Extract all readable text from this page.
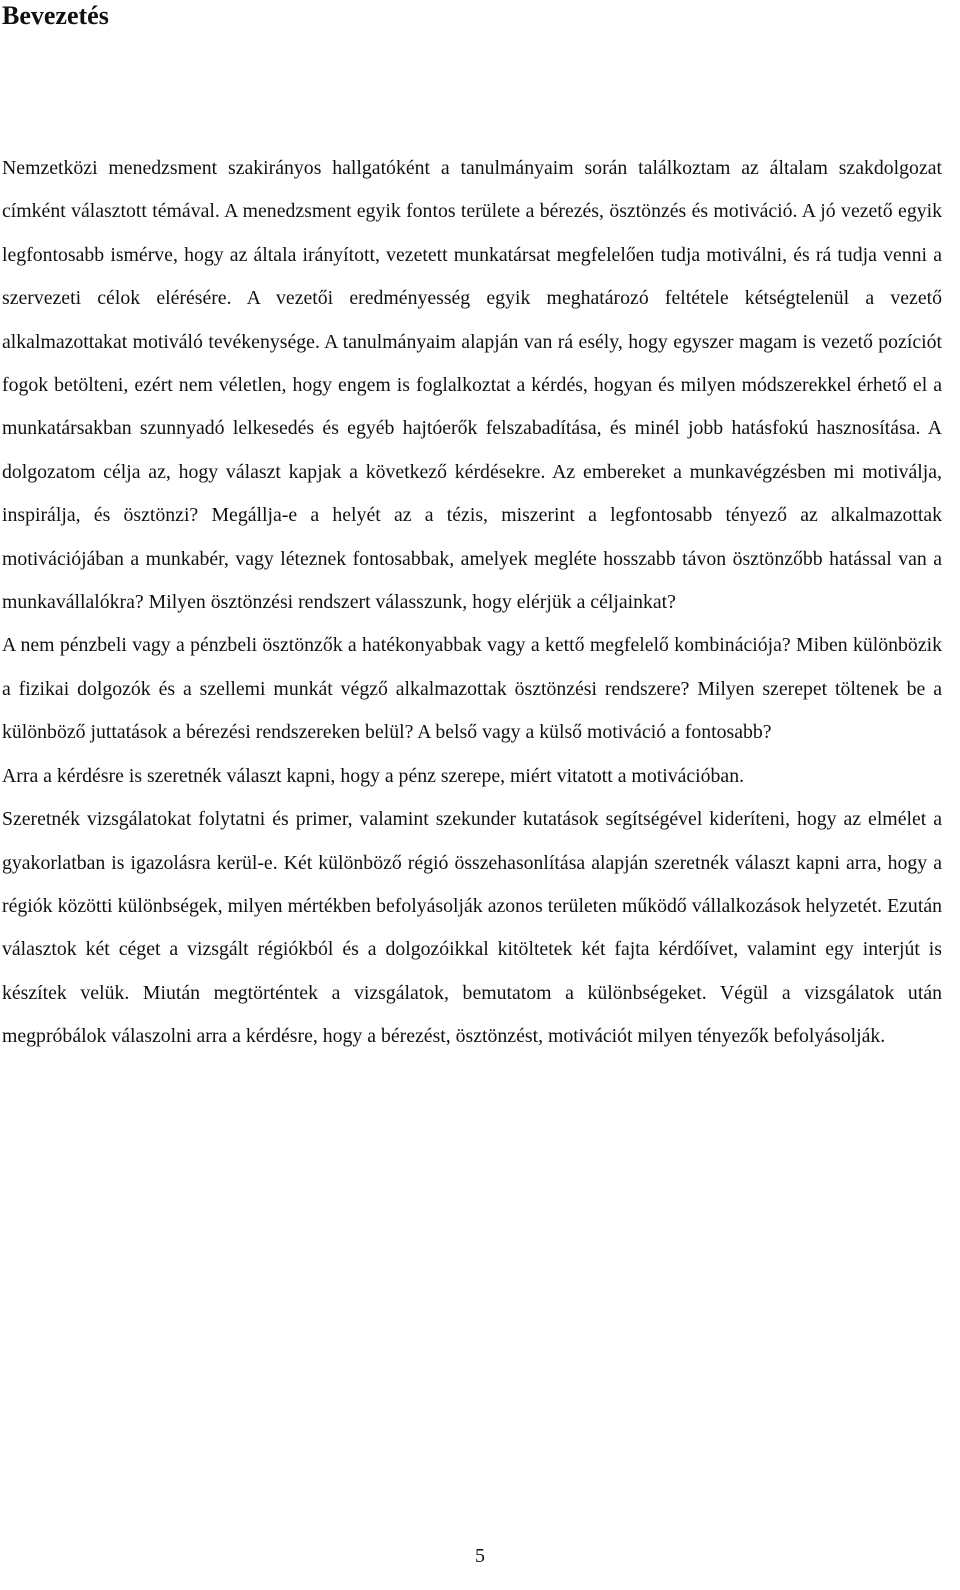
Bevezetés

Nemzetközi menedzsment szakirányos hallgatóként a tanulmányaim során találkoztam az általam szakdolgozat címként választott témával. A menedzsment egyik fontos területe a bérezés, ösztönzés és motiváció. A jó vezető egyik legfontosabb ismérve, hogy az általa irányított, vezetett munkatársat megfelelően tudja motiválni, és rá tudja venni a szervezeti célok elérésére. A vezetői eredményesség egyik meghatározó feltétele kétségtelenül a vezető alkalmazottakat motiváló tevékenysége. A tanulmányaim alapján van rá esély, hogy egyszer magam is vezető pozíciót fogok betölteni, ezért nem véletlen, hogy engem is foglalkoztat a kérdés, hogyan és milyen módszerekkel érhető el a munkatársakban szunnyadó lelkesedés és egyéb hajtóerők felszabadítása, és minél jobb hatásfokú hasznosítása. A dolgozatom célja az, hogy választ kapjak a következő kérdésekre. Az embereket a munkavégzésben mi motiválja, inspirálja, és ösztönzi? Megállja-e a helyét az a tézis, miszerint a legfontosabb tényező az alkalmazottak motivációjában a munkabér, vagy léteznek fontosabbak, amelyek megléte hosszabb távon ösztönzőbb hatással van a munkavállalókra? Milyen ösztönzési rendszert válasszunk, hogy elérjük a céljainkat?

A nem pénzbeli vagy a pénzbeli ösztönzők a hatékonyabbak vagy a kettő megfelelő kombinációja? Miben különbözik a fizikai dolgozók és a szellemi munkát végző alkalmazottak ösztönzési rendszere? Milyen szerepet töltenek be a különböző juttatások a bérezési rendszereken belül? A belső vagy a külső motiváció a fontosabb?

Arra a kérdésre is szeretnék választ kapni, hogy a pénz szerepe, miért vitatott a motivációban.

Szeretnék vizsgálatokat folytatni és primer, valamint szekunder kutatások segítségével kideríteni, hogy az elmélet a gyakorlatban is igazolásra kerül-e. Két különböző régió összehasonlítása alapján szeretnék választ kapni arra, hogy a régiók közötti különbségek, milyen mértékben befolyásolják azonos területen működő vállalkozások helyzetét. Ezután választok két céget a vizsgált régiókból és a dolgozóikkal kitöltetek két fajta kérdőívet, valamint egy interjút is készítek velük. Miután megtörténtek a vizsgálatok, bemutatom a különbségeket. Végül a vizsgálatok után megpróbálok válaszolni arra a kérdésre, hogy a bérezést, ösztönzést, motivációt milyen tényezők befolyásolják.

5
